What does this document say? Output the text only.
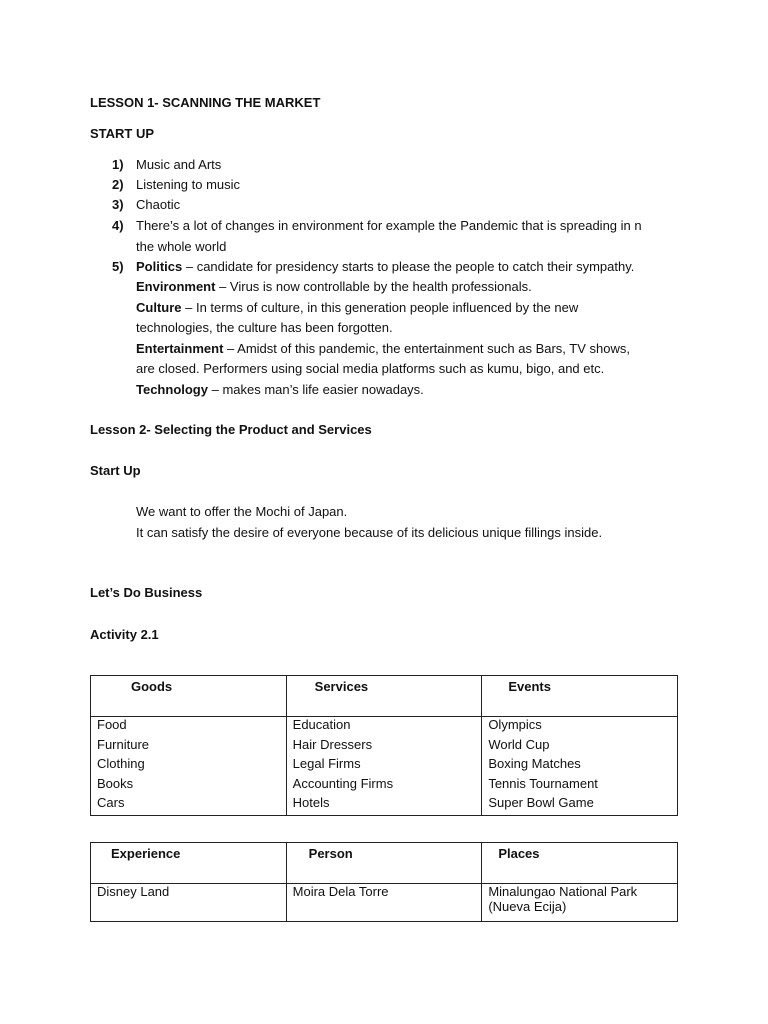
LESSON 1- SCANNING THE MARKET
START UP
1) Music and Arts
2) Listening to music
3) Chaotic
4) There’s a lot of changes in environment for example the Pandemic that is spreading in n
the whole world
5) Politics – candidate for presidency starts to please the people to catch their sympathy.
Environment – Virus is now controllable by the health professionals.
Culture – In terms of culture, in this generation people influenced by the new
technologies, the culture has been forgotten.
Entertainment – Amidst of this pandemic, the entertainment such as Bars, TV shows,
are closed. Performers using social media platforms such as kumu, bigo, and etc.
Technology – makes man’s life easier nowadays.
Lesson 2- Selecting the Product and Services
Start Up
We want to offer the Mochi of Japan.
It can satisfy the desire of everyone because of its delicious unique fillings inside.
Let’s Do Business
Activity 2.1
Goods	Services	Events
Food	Education	Olympics
Furniture	Hair Dressers	World Cup
Clothing	Legal Firms	Boxing Matches
Books	Accounting Firms	Tennis Tournament
Cars	Hotels	Super Bowl Game
Experience	Person	Places
Disney Land	Moira Dela Torre	Minalungao National Park
(Nueva Ecija)
